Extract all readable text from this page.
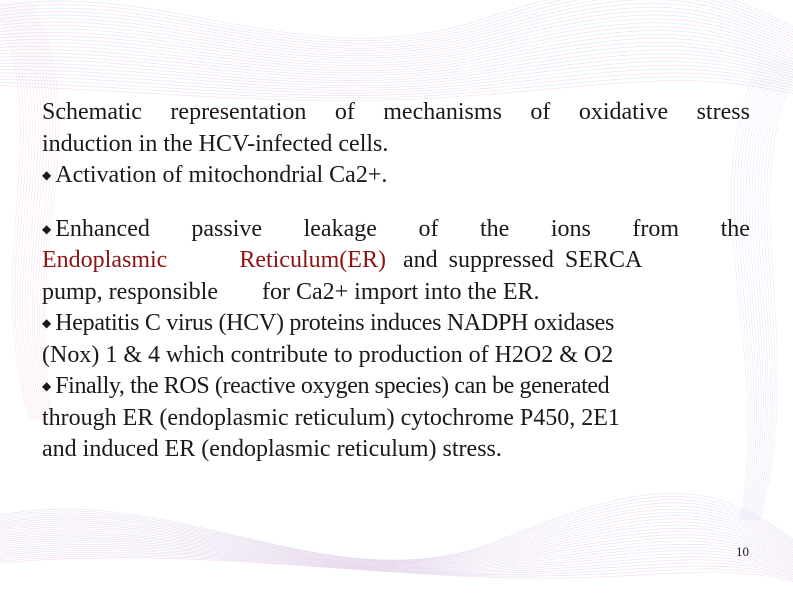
Schematic representation of mechanisms of oxidative stress
induction in the HCV-infected cells.
◆ Activation of mitochondrial Ca2+.
◆ Enhanced passive leakage of the ions from the
Endoplasmic	Reticulum(ER) and suppressed SERCA
pump, responsible for Ca2+ import into the ER.
◆ Hepatitis C virus (HCV) proteins induces NADPH oxidases
(Nox) 1 & 4 which contribute to production of H2O2 & O2
◆ Finally, the ROS (reactive oxygen species) can be generated
through ER (endoplasmic reticulum) cytochrome P450, 2E1
and induced ER (endoplasmic reticulum) stress.
10
